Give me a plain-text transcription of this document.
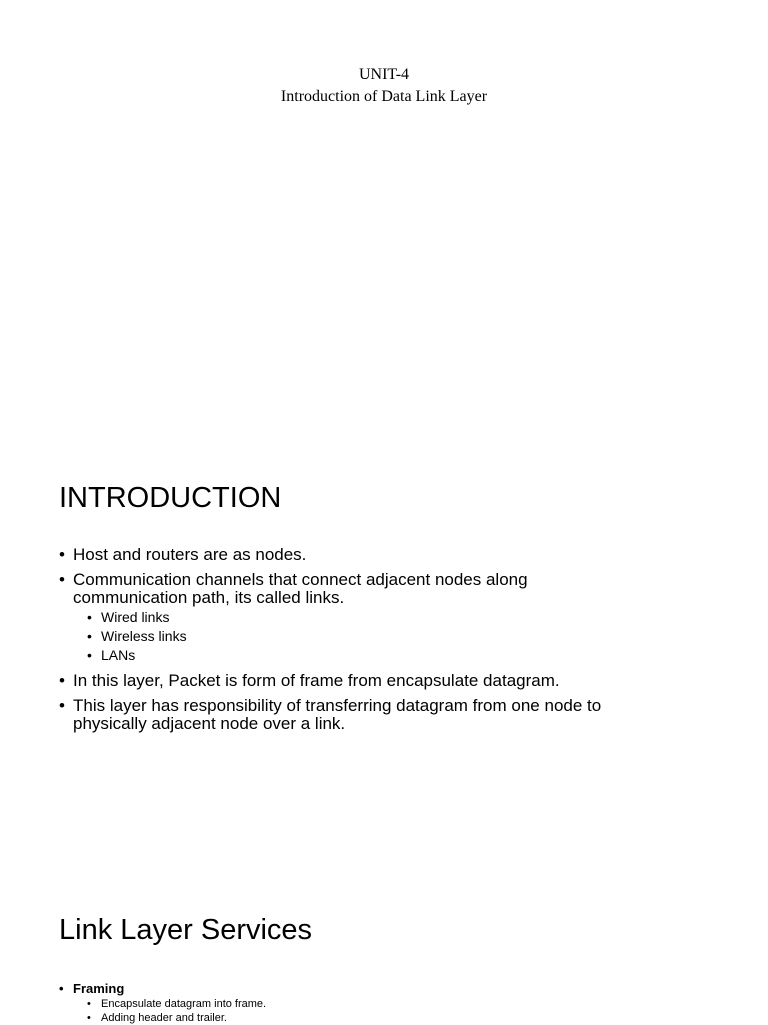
UNIT-4
Introduction of Data Link Layer
INTRODUCTION
• Host and routers are as nodes.
• Communication channels that connect adjacent nodes along
communication path, its called links.
• Wired links
• Wireless links
• LANs
• In this layer, Packet is form of frame from encapsulate datagram.
• This layer has responsibility of transferring datagram from one node to
physically adjacent node over a link.
Link Layer Services
• Framing
• Encapsulate datagram into frame.
• Adding header and trailer.
